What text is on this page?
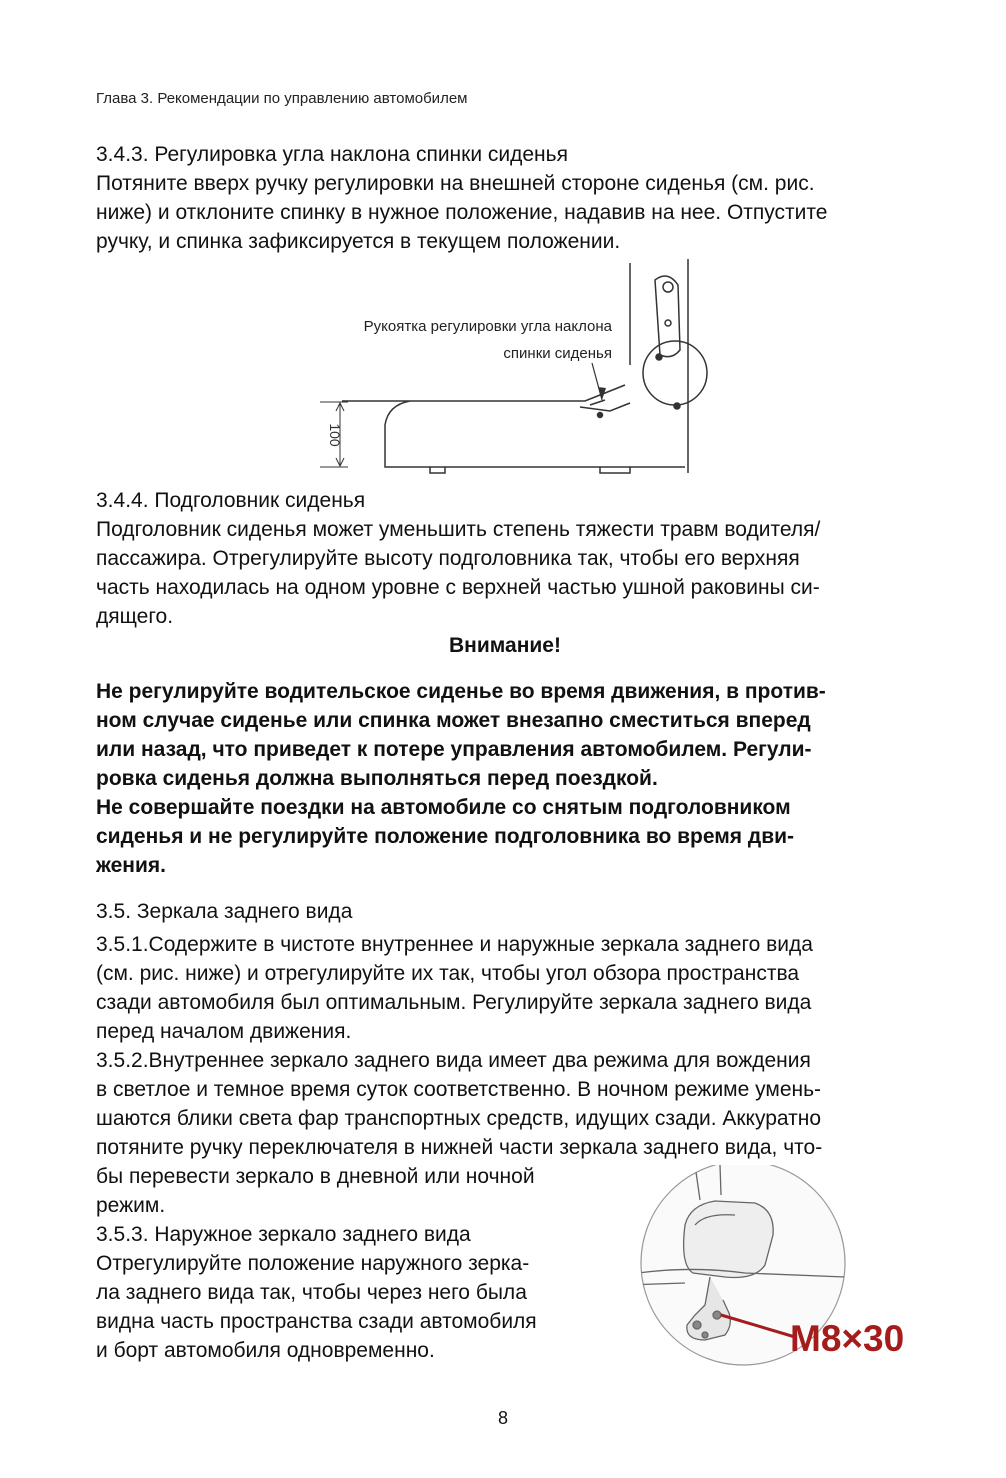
Глава 3. Рекомендации по управлению автомобилем
3.4.3. Регулировка угла наклона спинки сиденья
Потяните вверх ручку регулировки на внешней стороне сиденья (см. рис.
ниже) и отклоните спинку в нужное положение, надавив на нее. Отпустите
ручку, и спинка зафиксируется в текущем положении.
100
Рукоятка регулировки угла наклона
спинки сиденья
3.4.4. Подголовник сиденья
Подголовник сиденья может уменьшить степень тяжести травм водителя/
пассажира. Отрегулируйте высоту подголовника так, чтобы его верхняя
часть находилась на одном уровне с верхней частью ушной раковины си-
дящего.
Внимание!
Не регулируйте водительское сиденье во время движения, в против-
ном случае сиденье или спинка может внезапно сместиться вперед
или назад, что приведет к потере управления автомобилем. Регули-
ровка сиденья должна выполняться перед поездкой.
Не совершайте поездки на автомобиле со снятым подголовником
сиденья и не регулируйте положение подголовника во время дви-
жения.
3.5. Зеркала заднего вида
3.5.1.Содержите в чистоте внутреннее и наружные зеркала заднего вида
(см. рис. ниже) и отрегулируйте их так, чтобы угол обзора пространства
сзади автомобиля был оптимальным. Регулируйте зеркала заднего вида
перед началом движения.
3.5.2.Внутреннее зеркало заднего вида имеет два режима для вождения
в светлое и темное время суток соответственно. В ночном режиме умень-
шаются блики света фар транспортных средств, идущих сзади. Аккуратно
потяните ручку переключателя в нижней части зеркала заднего вида, что-
бы перевести зеркало в дневной или ночной
режим.
3.5.3. Наружное зеркало заднего вида
Отрегулируйте положение наружного зерка-
ла заднего вида так, чтобы через него была
видна часть пространства сзади автомобиля
и борт автомобиля одновременно.	M8×30
8
